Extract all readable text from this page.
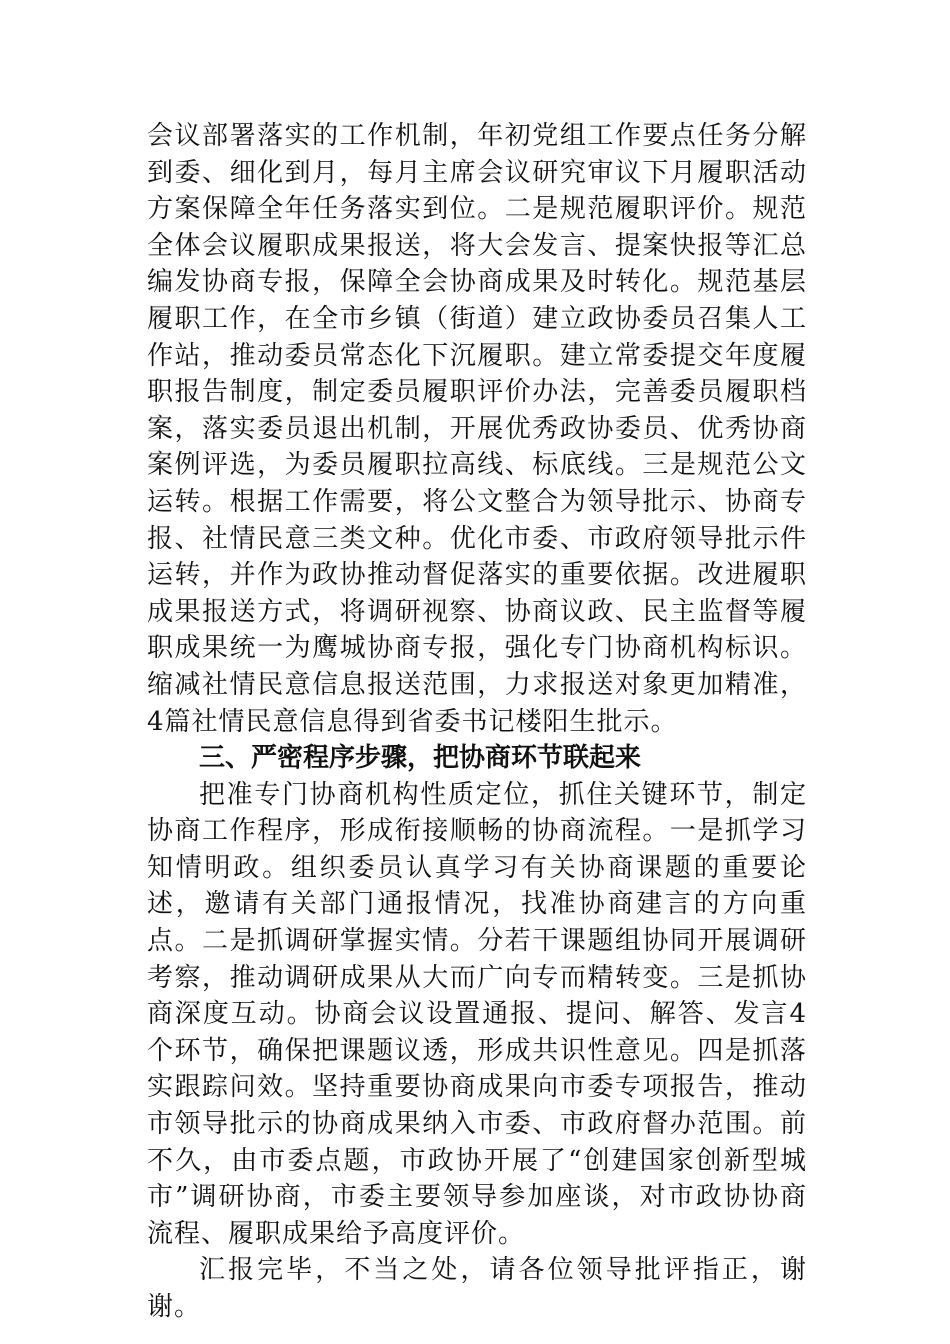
会议部署落实的工作机制，年初党组工作要点任务分解到委、细化到月，每月主席会议研究审议下月履职活动方案保障全年任务落实到位。二是规范履职评价。规范全体会议履职成果报送，将大会发言、提案快报等汇总编发协商专报，保障全会协商成果及时转化。规范基层履职工作，在全市乡镇（街道）建立政协委员召集人工作站，推动委员常态化下沉履职。建立常委提交年度履职报告制度，制定委员履职评价办法，完善委员履职档案，落实委员退出机制，开展优秀政协委员、优秀协商案例评选，为委员履职拉高线、标底线。三是规范公文运转。根据工作需要，将公文整合为领导批示、协商专报、社情民意三类文种。优化市委、市政府领导批示件运转，并作为政协推动督促落实的重要依据。改进履职成果报送方式，将调研视察、协商议政、民主监督等履职成果统一为鹰城协商专报，强化专门协商机构标识。缩减社情民意信息报送范围，力求报送对象更加精准，4篇社情民意信息得到省委书记楼阳生批示。

三、严密程序步骤，把协商环节联起来

把准专门协商机构性质定位，抓住关键环节，制定协商工作程序，形成衔接顺畅的协商流程。一是抓学习知情明政。组织委员认真学习有关协商课题的重要论述，邀请有关部门通报情况，找准协商建言的方向重点。二是抓调研掌握实情。分若干课题组协同开展调研考察，推动调研成果从大而广向专而精转变。三是抓协商深度互动。协商会议设置通报、提问、解答、发言4个环节，确保把课题议透，形成共识性意见。四是抓落实跟踪问效。坚持重要协商成果向市委专项报告，推动市领导批示的协商成果纳入市委、市政府督办范围。前不久，由市委点题，市政协开展了“创建国家创新型城市”调研协商，市委主要领导参加座谈，对市政协协商流程、履职成果给予高度评价。

汇报完毕，不当之处，请各位领导批评指正，谢谢。
